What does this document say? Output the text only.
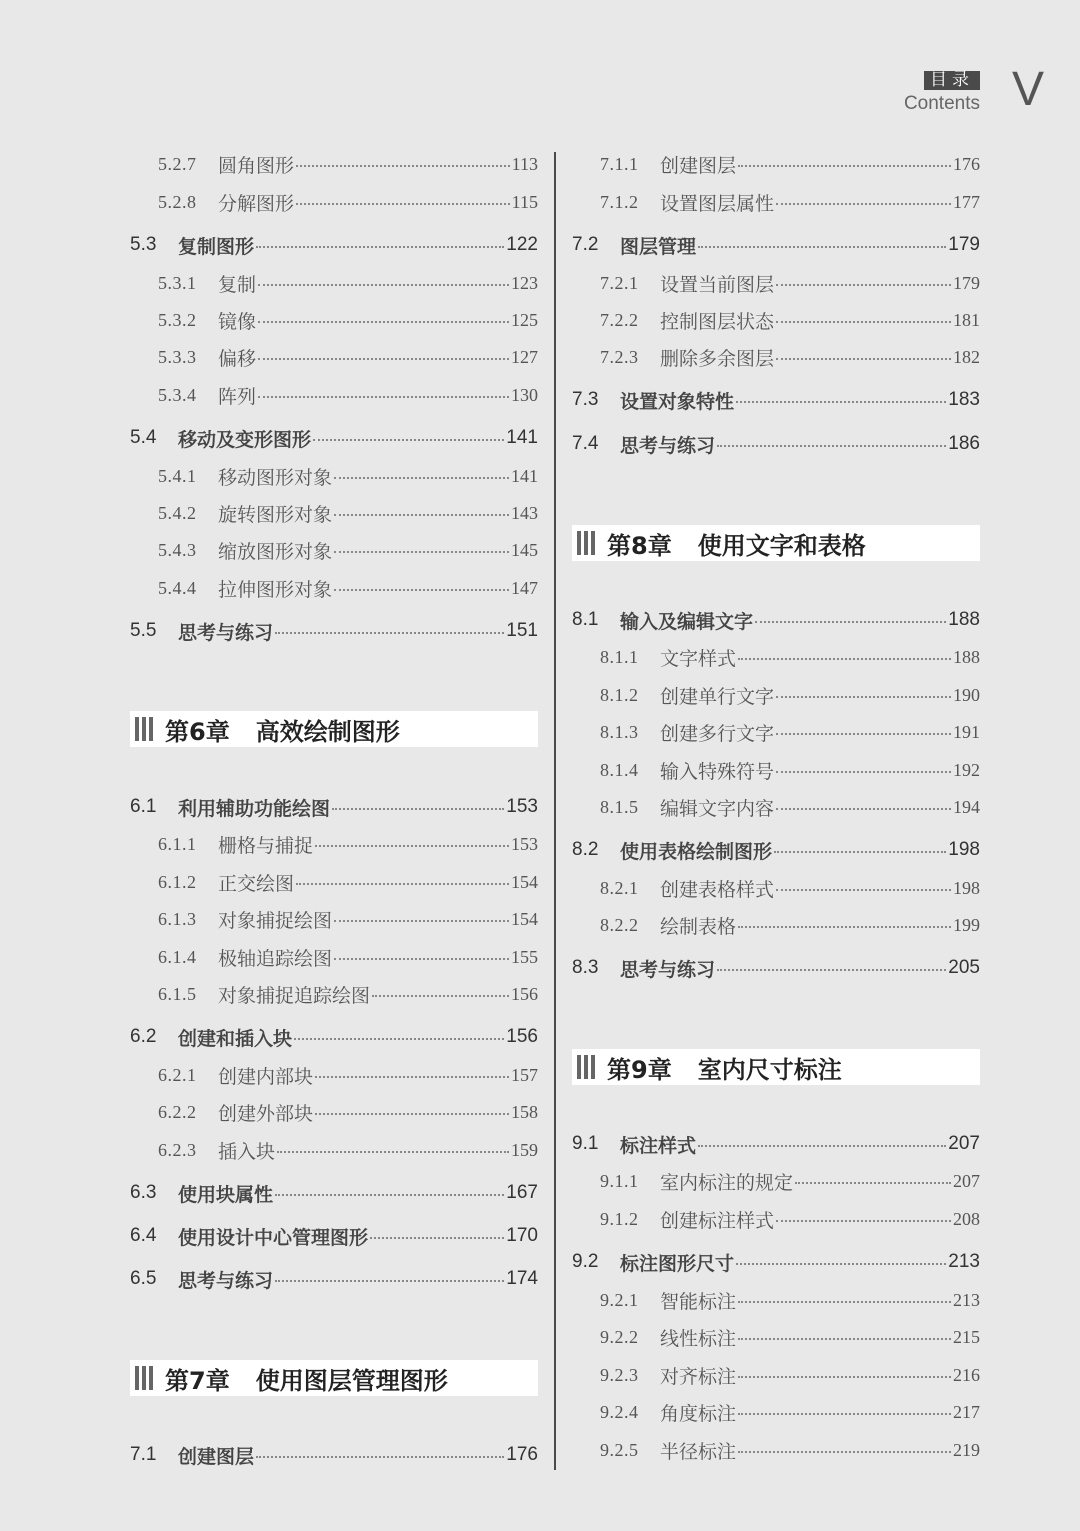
目录
Contents V
5.2.7	圆角图形	113
5.2.8	分解图形	115
5.3	复制图形	122
5.3.1	复制	123
5.3.2	镜像	125
5.3.3	偏移	127
5.3.4	阵列	130
5.4	移动及变形图形	141
5.4.1	移动图形对象	141
5.4.2	旋转图形对象	143
5.4.3	缩放图形对象	145
5.4.4	拉伸图形对象	147
5.5	思考与练习	151
第6章 高效绘制图形
6.1	利用辅助功能绘图	153
6.1.1	栅格与捕捉	153
6.1.2	正交绘图	154
6.1.3	对象捕捉绘图	154
6.1.4	极轴追踪绘图	155
6.1.5	对象捕捉追踪绘图	156
6.2	创建和插入块	156
6.2.1	创建内部块	157
6.2.2	创建外部块	158
6.2.3	插入块	159
6.3	使用块属性	167
6.4	使用设计中心管理图形	170
6.5	思考与练习	174
第7章 使用图层管理图形
7.1	创建图层	176
7.1.1	创建图层	176
7.1.2	设置图层属性	177
7.2	图层管理	179
7.2.1	设置当前图层	179
7.2.2	控制图层状态	181
7.2.3	删除多余图层	182
7.3	设置对象特性	183
7.4	思考与练习	186
第8章 使用文字和表格
8.1	输入及编辑文字	188
8.1.1	文字样式	188
8.1.2	创建单行文字	190
8.1.3	创建多行文字	191
8.1.4	输入特殊符号	192
8.1.5	编辑文字内容	194
8.2	使用表格绘制图形	198
8.2.1	创建表格样式	198
8.2.2	绘制表格	199
8.3	思考与练习	205
第9章 室内尺寸标注
9.1	标注样式	207
9.1.1	室内标注的规定	207
9.1.2	创建标注样式	208
9.2	标注图形尺寸	213
9.2.1	智能标注	213
9.2.2	线性标注	215
9.2.3	对齐标注	216
9.2.4	角度标注	217
9.2.5	半径标注	219
